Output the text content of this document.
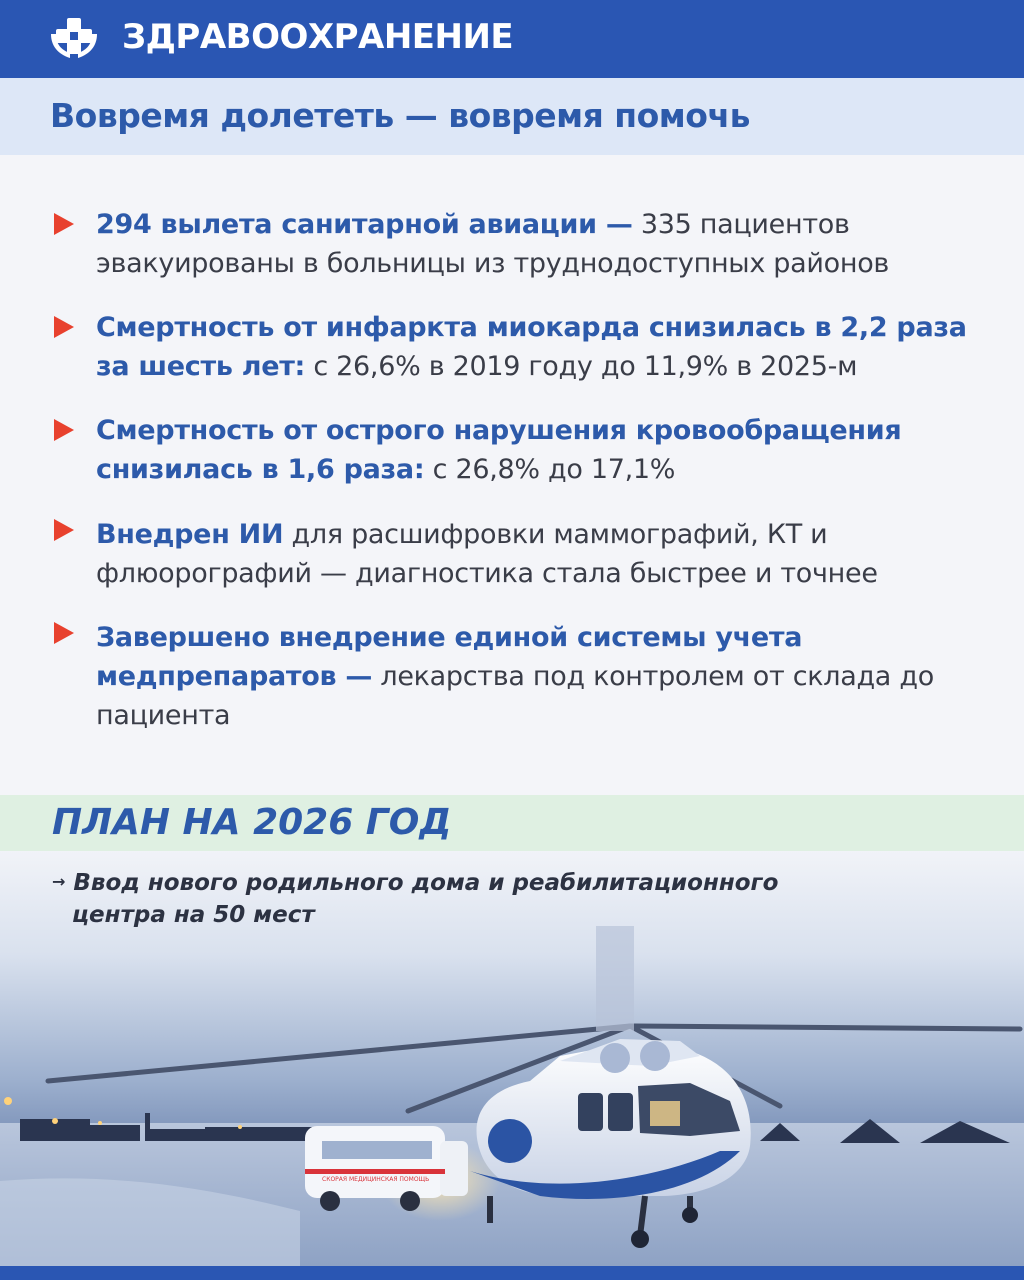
ЗДРАВООХРАНЕНИЕ
Вовремя долететь — вовремя помочь
294 вылета санитарной авиации — 335 пациентов эвакуированы в больницы из труднодоступных районов
Смертность от инфаркта миокарда снизилась в 2,2 раза за шесть лет: с 26,6% в 2019 году до 11,9% в 2025-м
Смертность от острого нарушения кровообращения снизилась в 1,6 раза: с 26,8% до 17,1%
Внедрен ИИ для расшифровки маммографий, КТ и флюорографий — диагностика стала быстрее и точнее
Завершено внедрение единой системы учета медпрепаратов — лекарства под контролем от склада до пациента
ПЛАН НА 2026 ГОД
СКОРАЯ МЕДИЦИНСКАЯ ПОМОЩЬ
→ Ввод нового родильного дома и реабилитационного
центра на 50 мест
